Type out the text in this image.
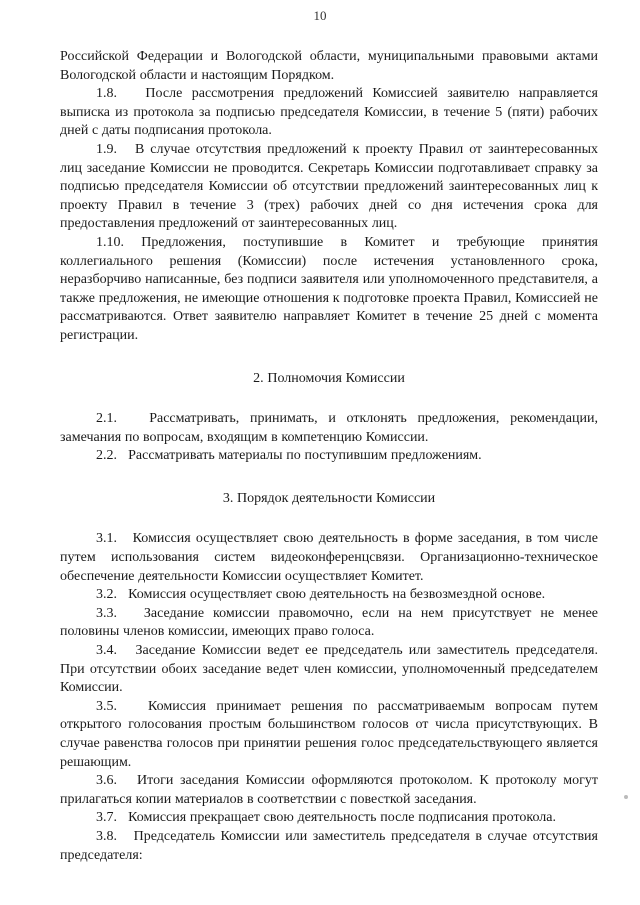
10

Российской Федерации и Вологодской области, муниципальными правовыми актами Вологодской области и настоящим Порядком.

1.8.   После рассмотрения предложений Комиссией заявителю направляется выписка из протокола за подписью председателя Комиссии, в течение 5 (пяти) рабочих дней с даты подписания протокола.

1.9.   В случае отсутствия предложений к проекту Правил от заинтересованных лиц заседание Комиссии не проводится. Секретарь Комиссии подготавливает справку за подписью председателя Комиссии об отсутствии предложений заинтересованных лиц к проекту Правил в течение 3 (трех) рабочих дней со дня истечения срока для предоставления предложений от заинтересованных лиц.

1.10. Предложения, поступившие в Комитет и требующие принятия коллегиального решения (Комиссии) после истечения установленного срока, неразборчиво написанные, без подписи заявителя или уполномоченного представителя, а также предложения, не имеющие отношения к подготовке проекта Правил, Комиссией не рассматриваются. Ответ заявителю направляет Комитет в течение 25 дней с момента регистрации.

2. Полномочия Комиссии

2.1.   Рассматривать, принимать, и отклонять предложения, рекомендации, замечания по вопросам, входящим в компетенцию Комиссии.

2.2.   Рассматривать материалы по поступившим предложениям.

3. Порядок деятельности Комиссии

3.1.   Комиссия осуществляет свою деятельность в форме заседания, в том числе путем использования систем видеоконференцсвязи. Организационно-техническое обеспечение деятельности Комиссии осуществляет Комитет.

3.2.   Комиссия осуществляет свою деятельность на безвозмездной основе.

3.3.   Заседание комиссии правомочно, если на нем присутствует не менее половины членов комиссии, имеющих право голоса.

3.4.   Заседание Комиссии ведет ее председатель или заместитель председателя. При отсутствии обоих заседание ведет член комиссии, уполномоченный председателем Комиссии.

3.5.   Комиссия принимает решения по рассматриваемым вопросам путем открытого голосования простым большинством голосов от числа присутствующих. В случае равенства голосов при принятии решения голос председательствующего является решающим.

3.6.   Итоги заседания Комиссии оформляются протоколом. К протоколу могут прилагаться копии материалов в соответствии с повесткой заседания.

3.7.   Комиссия прекращает свою деятельность после подписания протокола.

3.8.   Председатель Комиссии или заместитель председателя в случае отсутствия председателя:
